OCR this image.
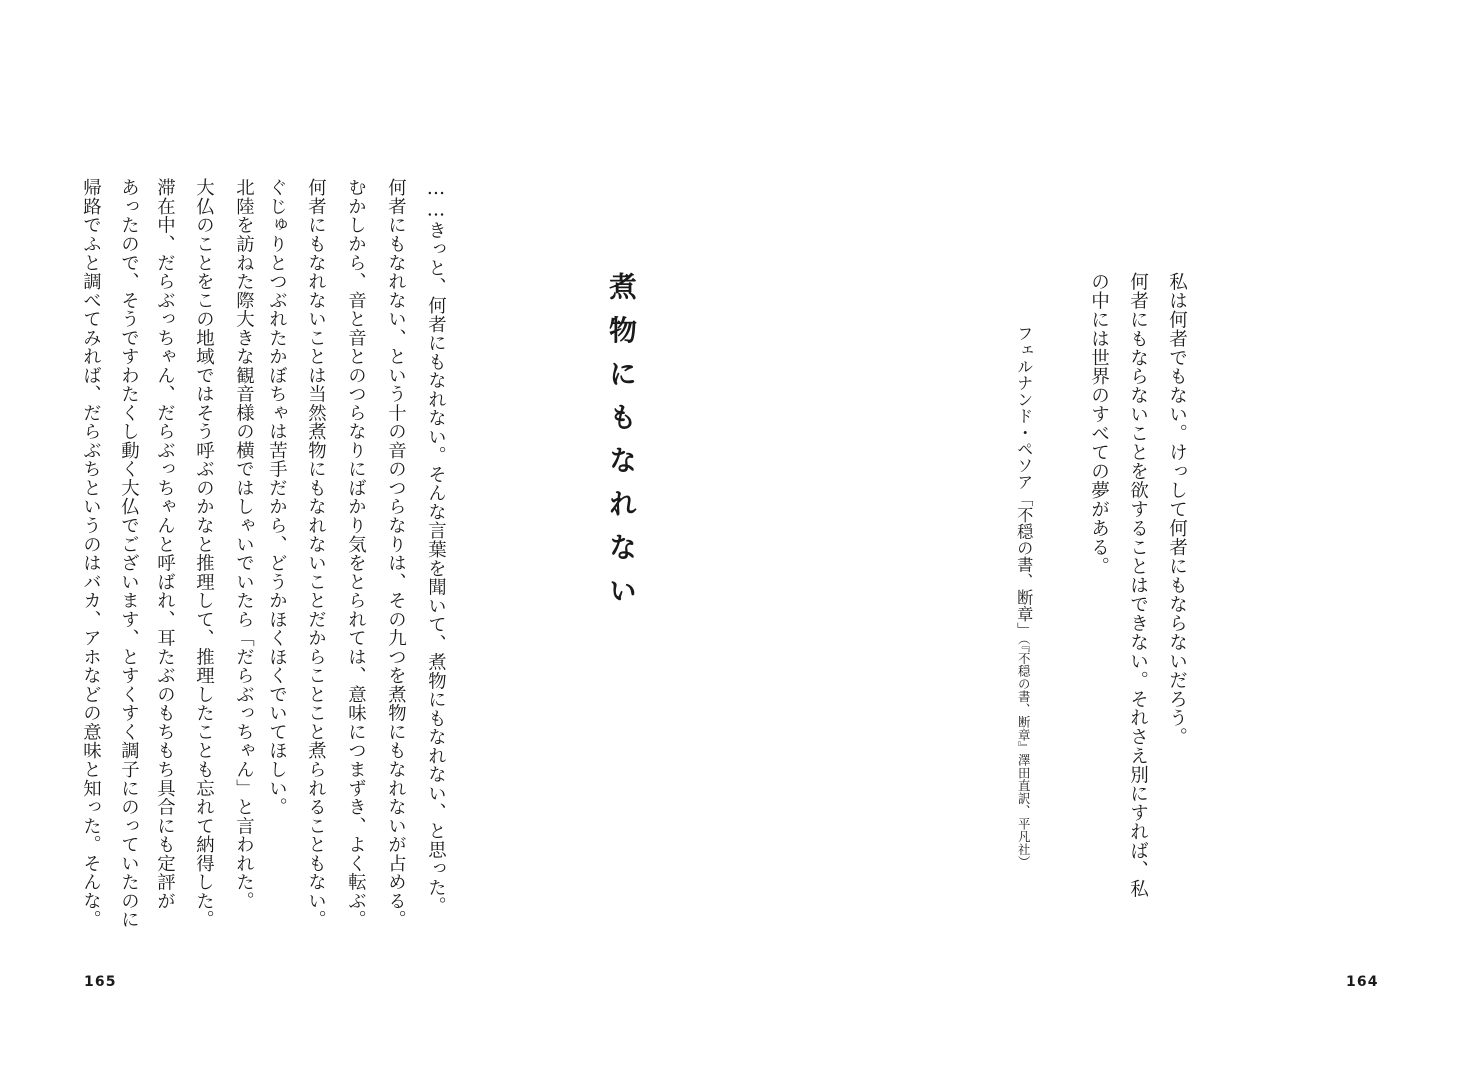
私は何者でもない。けっして何者にもならないだろう。
何者にもならないことを欲することはできない。それさえ別にすれば、私
の中には世界のすべての夢がある。
フェルナンド・ペソア「不穏の書、断章」（『不穏の書、断章』澤田直訳、平凡社）
煮物にもなれない
……きっと、何者にもなれない。そんな言葉を聞いて、煮物にもなれない、と思った。
何者にもなれない、という十の音のつらなりは、その九つを煮物にもなれないが占める。
むかしから、音と音とのつらなりにばかり気をとられては、意味につまずき、よく転ぶ。
何者にもなれないことは当然煮物にもなれないことだからことこと煮られることもない。
ぐじゅりとつぶれたかぼちゃは苦手だから、どうかほくほくでいてほしい。
北陸を訪ねた際大きな観音様の横ではしゃいでいたら「だらぶっちゃん」と言われた。
大仏のことをこの地域ではそう呼ぶのかなと推理して、推理したことも忘れて納得した。
滞在中、だらぶっちゃん、だらぶっちゃんと呼ばれ、耳たぶのもちもち具合にも定評が
あったので、そうですわたくし動く大仏でございます、とすくすく調子にのっていたのに
帰路でふと調べてみれば、だらぶちというのはバカ、アホなどの意味と知った。そんな。
165	164
